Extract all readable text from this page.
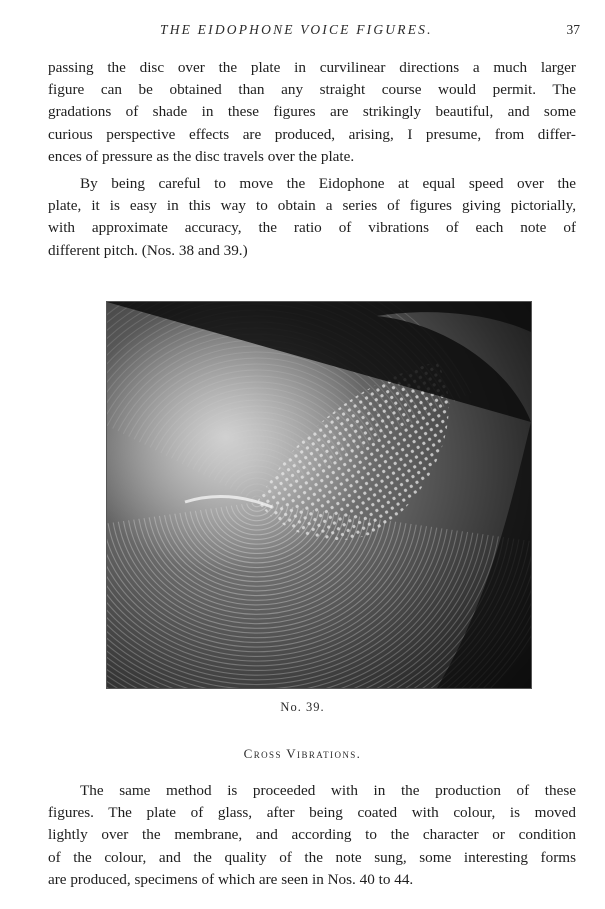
THE EIDOPHONE VOICE FIGURES.	37

passing the disc over the plate in curvilinear directions a much larger
figure can be obtained than any straight course would permit. The
gradations of shade in these figures are strikingly beautiful, and some
curious perspective effects are produced, arising, I presume, from differ-
ences of pressure as the disc travels over the plate.

By being careful to move the Eidophone at equal speed over the
plate, it is easy in this way to obtain a series of figures giving pictorially,
with approximate accuracy, the ratio of vibrations of each note of
different pitch. (Nos. 38 and 39.)

No. 39.
Cross Vibrations.

The same method is proceeded with in the production of these
figures. The plate of glass, after being coated with colour, is moved
lightly over the membrane, and according to the character or condition
of the colour, and the quality of the note sung, some interesting forms
are produced, specimens of which are seen in Nos. 40 to 44.
